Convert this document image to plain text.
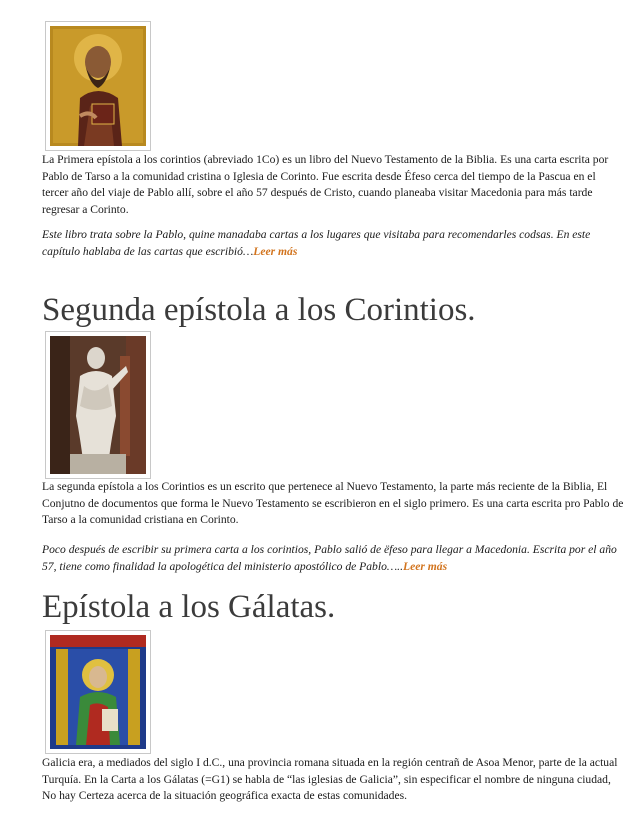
La Primera epístola a los corintios (abreviado 1Co) es un libro del Nuevo Testamento de la Biblia. Es una carta escrita por Pablo de Tarso a la comunidad cristina o Iglesia de Corinto. Fue escrita desde Éfeso cerca del tiempo de la Pascua en el tercer año del viaje de Pablo allí, sobre el año 57 después de Cristo, cuando planeaba visitar Macedonia para más tarde regresar a Corinto.

Este libro trata sobre la Pablo, quine manadaba cartas a los lugares que visitaba para recomendarles codsas. En este capítulo hablaba de las cartas que escribió…Leer más

Segunda epístola a los Corintios.

La segunda epístola a los Corintios es un escrito que pertenece al Nuevo Testamento, la parte más reciente de la Biblia, El Conjutno de documentos que forma le Nuevo Testamento se escribieron en el siglo primero. Es una carta escrita pro Pablo de Tarso a la comunidad cristiana en Corinto.

Poco después de escribir su primera carta a los corintios, Pablo salió de ëfeso para llegar a Macedonia. Escrita por el año 57, tiene como finalidad la apologética del ministerio apostólico de Pablo…..Leer más

Epístola a los Gálatas.

Galicia era, a mediados del siglo I d.C., una provincia romana situada en la región centrañ de Asoa Menor, parte de la actual Turquía. En la Carta a los Gálatas (=G1) se habla de “las iglesias de Galicia”, sin especificar el nombre de ninguna ciudad, No hay Certeza acerca de la situación geográfica exacta de estas comunidades.
